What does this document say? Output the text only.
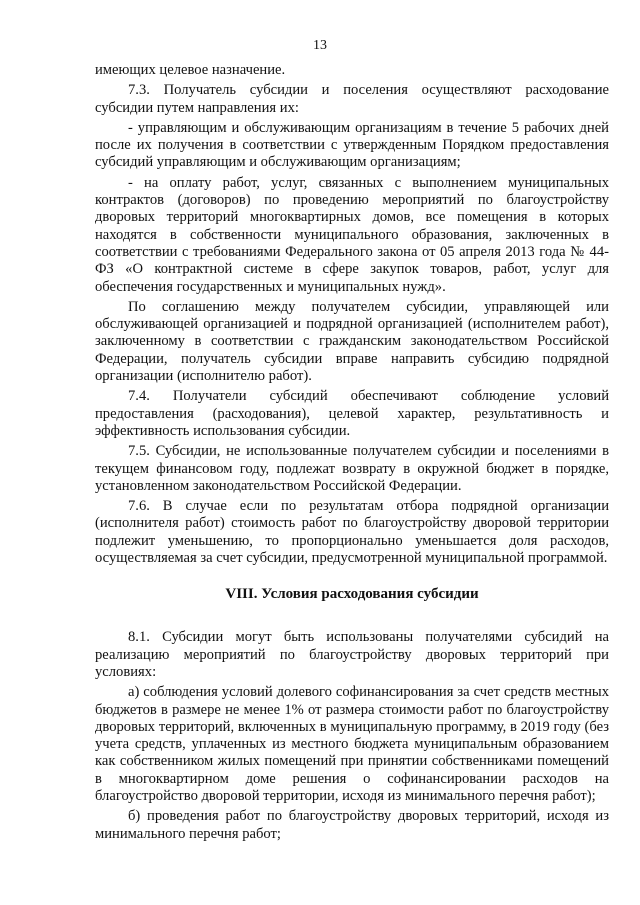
13

имеющих целевое назначение.

7.3. Получатель субсидии и поселения осуществляют расходование субсидии путем направления их:

- управляющим и обслуживающим организациям в течение 5 рабочих дней после их получения в соответствии с утвержденным Порядком предоставления субсидий управляющим и обслуживающим организациям;

- на оплату работ, услуг, связанных с выполнением муниципальных контрактов (договоров) по проведению мероприятий по благоустройству дворовых территорий многоквартирных домов, все помещения в которых находятся в собственности муниципального образования, заключенных в соответствии с требованиями Федерального закона от 05 апреля 2013 года № 44-ФЗ «О контрактной системе в сфере закупок товаров, работ, услуг для обеспечения государственных и муниципальных нужд».

По соглашению между получателем субсидии, управляющей или обслуживающей организацией и подрядной организацией (исполнителем работ), заключенному в соответствии с гражданским законодательством Российской Федерации, получатель субсидии вправе направить субсидию подрядной организации (исполнителю работ).

7.4. Получатели субсидий обеспечивают соблюдение условий предоставления (расходования), целевой характер, результативность и эффективность использования субсидии.

7.5. Субсидии, не использованные получателем субсидии и поселениями в текущем финансовом году, подлежат возврату в окружной бюджет в порядке, установленном законодательством Российской Федерации.

7.6. В случае если по результатам отбора подрядной организации (исполнителя работ) стоимость работ по благоустройству дворовой территории подлежит уменьшению, то пропорционально уменьшается доля расходов, осуществляемая за счет субсидии, предусмотренной муниципальной программой.

VIII. Условия расходования субсидии

8.1. Субсидии могут быть использованы получателями субсидий на реализацию мероприятий по благоустройству дворовых территорий при условиях:

а) соблюдения условий долевого софинансирования за счет средств местных бюджетов в размере не менее 1% от размера стоимости работ по благоустройству дворовых территорий, включенных в муниципальную программу, в 2019 году (без учета средств, уплаченных из местного бюджета муниципальным образованием как собственником жилых помещений при принятии собственниками помещений в многоквартирном доме решения о софинансировании расходов на благоустройство дворовой территории, исходя из минимального перечня работ);

б) проведения работ по благоустройству дворовых территорий, исходя из минимального перечня работ;
